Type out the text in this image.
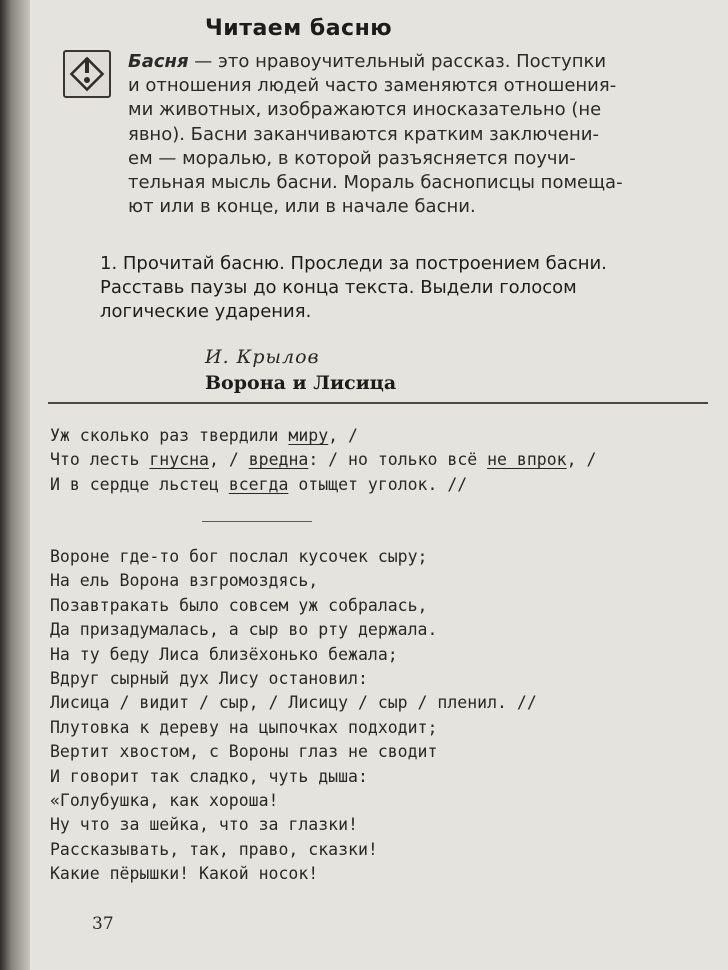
Читаем басню
Басня — это нравоучительный рассказ. Поступки
и отношения людей часто заменяются отношения-
ми животных, изображаются иносказательно (не
явно). Басни заканчиваются кратким заключени-
ем — моралью, в которой разъясняется поучи-
тельная мысль басни. Мораль баснописцы помеща-
ют или в конце, или в начале басни.
1. Прочитай басню. Проследи за построением басни.
Расставь паузы до конца текста. Выдели голосом
логические ударения.
И. Крылов
Ворона и Лисица
Уж сколько раз твердили миру, /
Что лесть гнусна, / вредна: / но только всё не впрок, /
И в сердце льстец всегда отыщет уголок. //
Вороне где-то бог послал кусочек сыру;
На ель Ворона взгромоздясь,
Позавтракать было совсем уж собралась,
Да призадумалась, а сыр во рту держала.
На ту беду Лиса близёхонько бежала;
Вдруг сырный дух Лису остановил:
Лисица / видит / сыр, / Лисицу / сыр / пленил. //
Плутовка к дереву на цыпочках подходит;
Вертит хвостом, с Вороны глаз не сводит
И говорит так сладко, чуть дыша:
«Голубушка, как хороша!
Ну что за шейка, что за глазки!
Рассказывать, так, право, сказки!
Какие пёрышки! Какой носок!
37
